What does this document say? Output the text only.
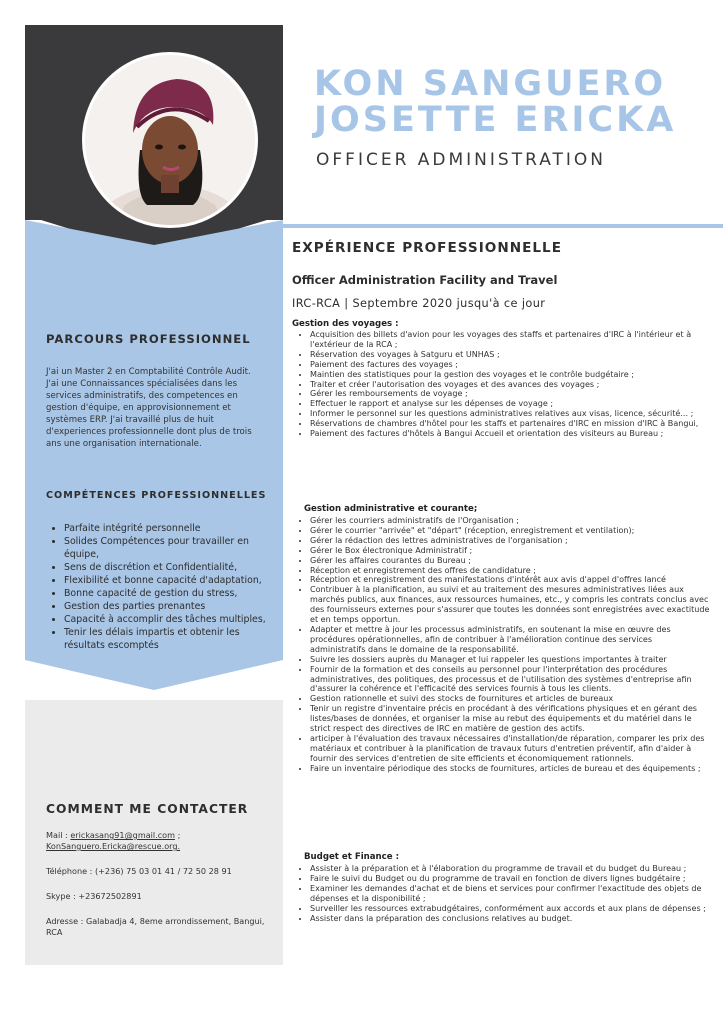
KON SANGUERO
JOSETTE ERICKA
OFFICER ADMINISTRATION
PARCOURS PROFESSIONNEL
J'ai un Master 2 en Comptabilité Contrôle Audit. J'ai une Connaissances spécialisées dans les services administratifs, des competences en gestion d'équipe, en approvisionnement et systèmes ERP. J'ai travaillé plus de huit d'experiences professionnelle dont plus de trois ans une organisation internationale.
COMPÉTENCES PROFESSIONNELLES
• Parfaite intégrité personnelle
• Solides Compétences pour travailler en équipe,
• Sens de discrétion et Confidentialité,
• Flexibilité et bonne capacité d'adaptation,
• Bonne capacité de gestion du stress,
• Gestion des parties prenantes
• Capacité à accomplir des tâches multiples,
• Tenir les délais impartis et obtenir les résultats escomptés
COMMENT ME CONTACTER

Mail : erickasang91@gmail.com ;

KonSanguero.Ericka@rescue.org.

Téléphone : (+236) 75 03 01 41 / 72 50 28 91

Skype : +23672502891

Adresse : Galabadja 4, 8eme arrondissement, Bangui, RCA

EXPÉRIENCE PROFESSIONNELLE
Officer Administration Facility and Travel
IRC-RCA | Septembre 2020 jusqu'à ce jour
Gestion des voyages :
• Acquisition des billets d'avion pour les voyages des staffs et partenaires d'IRC à l'intérieur et à l'extérieur de la RCA ;
• Réservation des voyages à Satguru et UNHAS ;
• Paiement des factures des voyages ;
• Maintien des statistiques pour la gestion des voyages et le contrôle budgétaire ;
• Traiter et créer l'autorisation des voyages et des avances des voyages ;
• Gérer les remboursements de voyage ;
• Effectuer le rapport et analyse sur les dépenses de voyage ;
• Informer le personnel sur les questions administratives relatives aux visas, licence, sécurité... ;
• Réservations de chambres d'hôtel pour les staffs et partenaires d'IRC en mission d'IRC à Bangui,
• Paiement des factures d'hôtels à Bangui Accueil et orientation des visiteurs au Bureau ;
Gestion administrative et courante;
• Gérer les courriers administratifs de l'Organisation ;
• Gérer le courrier "arrivée" et "départ" (réception, enregistrement et ventilation);
• Gérer la rédaction des lettres administratives de l'organisation ;
• Gérer le Box électronique Administratif ;
• Gérer les affaires courantes du Bureau ;
• Réception et enregistrement des offres de candidature ;
• Réception et enregistrement des manifestations d'intérêt aux avis d'appel d'offres lancé
• Contribuer à la planification, au suivi et au traitement des mesures administratives liées aux marchés publics, aux finances, aux ressources humaines, etc., y compris les contrats conclus avec des fournisseurs externes pour s'assurer que toutes les données sont enregistrées avec exactitude et en temps opportun.
• Adapter et mettre à jour les processus administratifs, en soutenant la mise en œuvre des procédures opérationnelles, afin de contribuer à l'amélioration continue des services administratifs dans le domaine de la responsabilité.
• Suivre les dossiers auprès du Manager et lui rappeler les questions importantes à traiter
• Fournir de la formation et des conseils au personnel pour l'interprétation des procédures administratives, des politiques, des processus et de l'utilisation des systèmes d'entreprise afin d'assurer la cohérence et l'efficacité des services fournis à tous les clients.
• Gestion rationnelle et suivi des stocks de fournitures et articles de bureaux
• Tenir un registre d'inventaire précis en procédant à des vérifications physiques et en gérant des listes/bases de données, et organiser la mise au rebut des équipements et du matériel dans le strict respect des directives de IRC en matière de gestion des actifs.
• articiper à l'évaluation des travaux nécessaires d'installation/de réparation, comparer les prix des matériaux et contribuer à la planification de travaux futurs d'entretien préventif, afin d'aider à fournir des services d'entretien de site efficients et économiquement rationnels.
• Faire un inventaire périodique des stocks de fournitures, articles de bureau et des équipements ;
Budget et Finance :
• Assister à la préparation et à l'élaboration du programme de travail et du budget du Bureau ;
• Faire le suivi du Budget ou du programme de travail en fonction de divers lignes budgétaire ;
• Examiner les demandes d'achat et de biens et services pour confirmer l'exactitude des objets de dépenses et la disponibilité ;
• Surveiller les ressources extrabudgétaires, conformément aux accords et aux plans de dépenses ;
• Assister dans la préparation des conclusions relatives au budget.
